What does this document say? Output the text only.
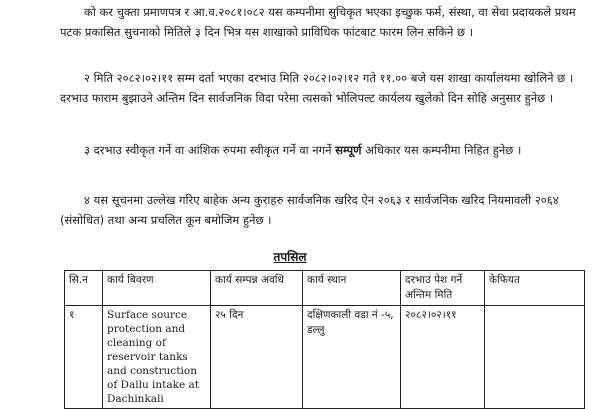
को कर चुक्ता प्रमाणपत्र र आ.व.२०८१।०८२ यस कम्पनीमा सुचिकृत भएका इच्छुक फर्म, संस्था, वा सेवा प्रदायकले प्रथम पटक प्रकासित सुचनाको मितिले ३ दिन भित्र यस शाखाको प्राविधिक फांटबाट फारम लिन सकिने छ ।

२ मिति २०८२।०२।११ सम्म दर्ता भएका दरभाउ मिति २०८२।०२।१२ गते ११.०० बजे यस शाखा कार्यालयमा खोलिने छ । दरभाउ फाराम बुझाउने अन्तिम दिन सार्वजनिक विदा परेमा त्यसको भोलिपल्ट कार्यलय खुलेको दिन सोहि अनुसार हुनेछ ।

३ दरभाउ स्वीकृत गर्ने वा आंशिक रुपमा स्वीकृत गर्ने वा नगर्ने सम्पूर्ण अधिकार यस कम्पनीमा निहित हुनेछ ।

४ यस सूचनमा उल्लेख गरिए बाहेक अन्य कुराहरु सार्वजनिक खरिद ऐन २०६३ र सार्वजनिक खरिद नियमावली २०६४ (संसोधित) तथा अन्य प्रचलित कून बमोजिम हुनेछ ।

तपसिल
सि.न	कार्य बिवरण	कार्य सम्पन्न अवधि	कार्य स्थान	दरभाउ पेश गर्ने अन्तिम मिति	केफियत
१	Surface source protection and cleaning of reservoir tanks and construction of Dallu intake at Dachinkali	२५ दिन	दक्षिणकाली वडा नं -५, डल्लु	२०८२।०२।११	
